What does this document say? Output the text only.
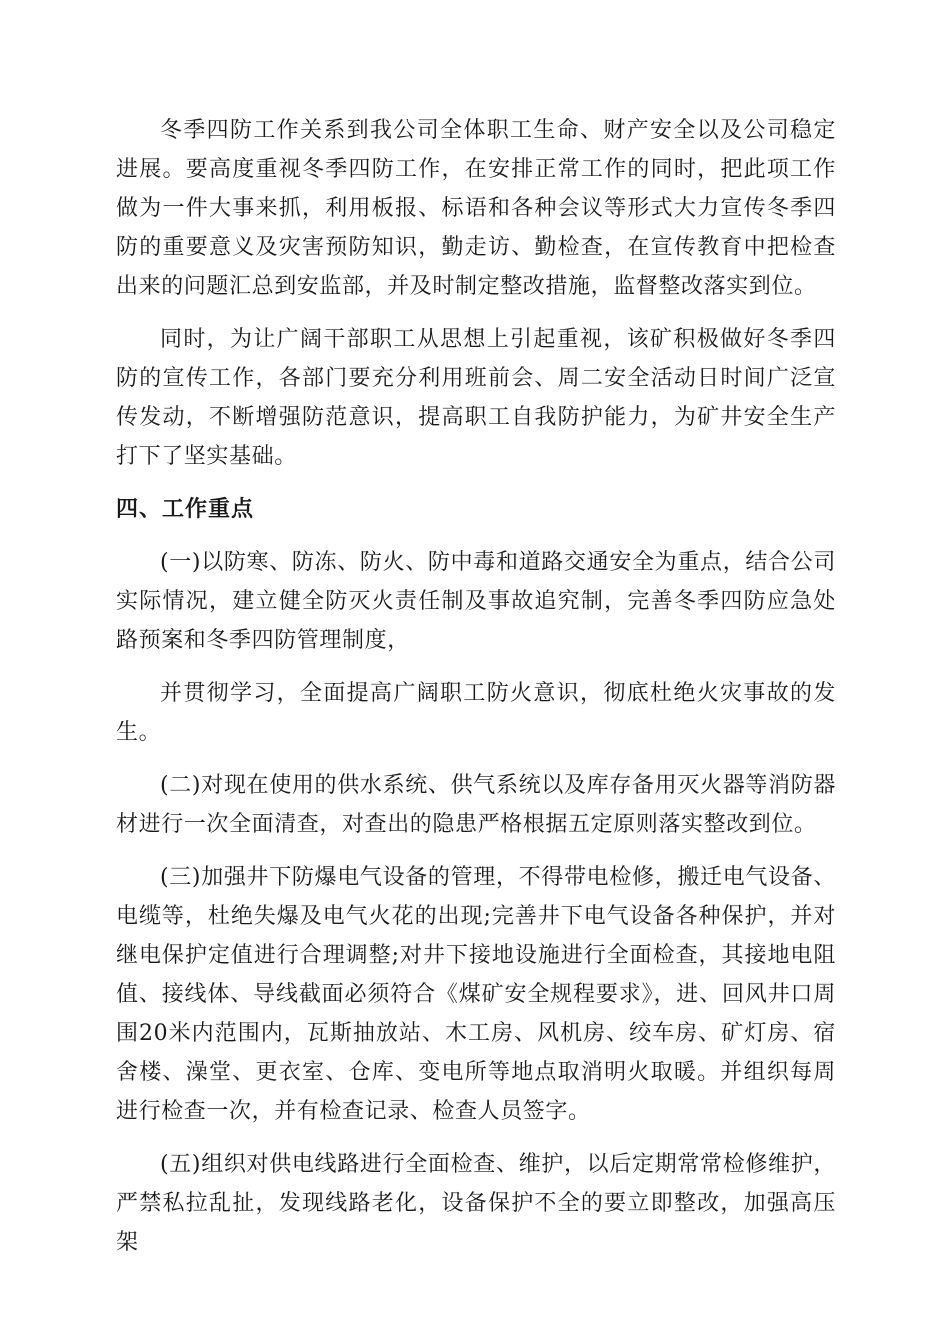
冬季四防工作关系到我公司全体职工生命、财产安全以及公司稳定进展。要高度重视冬季四防工作，在安排正常工作的同时，把此项工作做为一件大事来抓，利用板报、标语和各种会议等形式大力宣传冬季四防的重要意义及灾害预防知识，勤走访、勤检查，在宣传教育中把检查出来的问题汇总到安监部，并及时制定整改措施，监督整改落实到位。

同时，为让广阔干部职工从思想上引起重视，该矿积极做好冬季四防的宣传工作，各部门要充分利用班前会、周二安全活动日时间广泛宣传发动，不断增强防范意识，提高职工自我防护能力，为矿井安全生产打下了坚实基础。

四、工作重点

(一)以防寒、防冻、防火、防中毒和道路交通安全为重点，结合公司实际情况，建立健全防灭火责任制及事故追究制，完善冬季四防应急处路预案和冬季四防管理制度，

并贯彻学习，全面提高广阔职工防火意识，彻底杜绝火灾事故的发生。

(二)对现在使用的供水系统、供气系统以及库存备用灭火器等消防器材进行一次全面清查，对查出的隐患严格根据五定原则落实整改到位。

(三)加强井下防爆电气设备的管理，不得带电检修，搬迁电气设备、电缆等，杜绝失爆及电气火花的出现;完善井下电气设备各种保护，并对继电保护定值进行合理调整;对井下接地设施进行全面检查，其接地电阻值、接线体、导线截面必须符合《煤矿安全规程要求》，进、回风井口周围20米内范围内，瓦斯抽放站、木工房、风机房、绞车房、矿灯房、宿舍楼、澡堂、更衣室、仓库、变电所等地点取消明火取暖。并组织每周进行检查一次，并有检查记录、检查人员签字。

(五)组织对供电线路进行全面检查、维护，以后定期常常检修维护，严禁私拉乱扯，发现线路老化，设备保护不全的要立即整改，加强高压架
